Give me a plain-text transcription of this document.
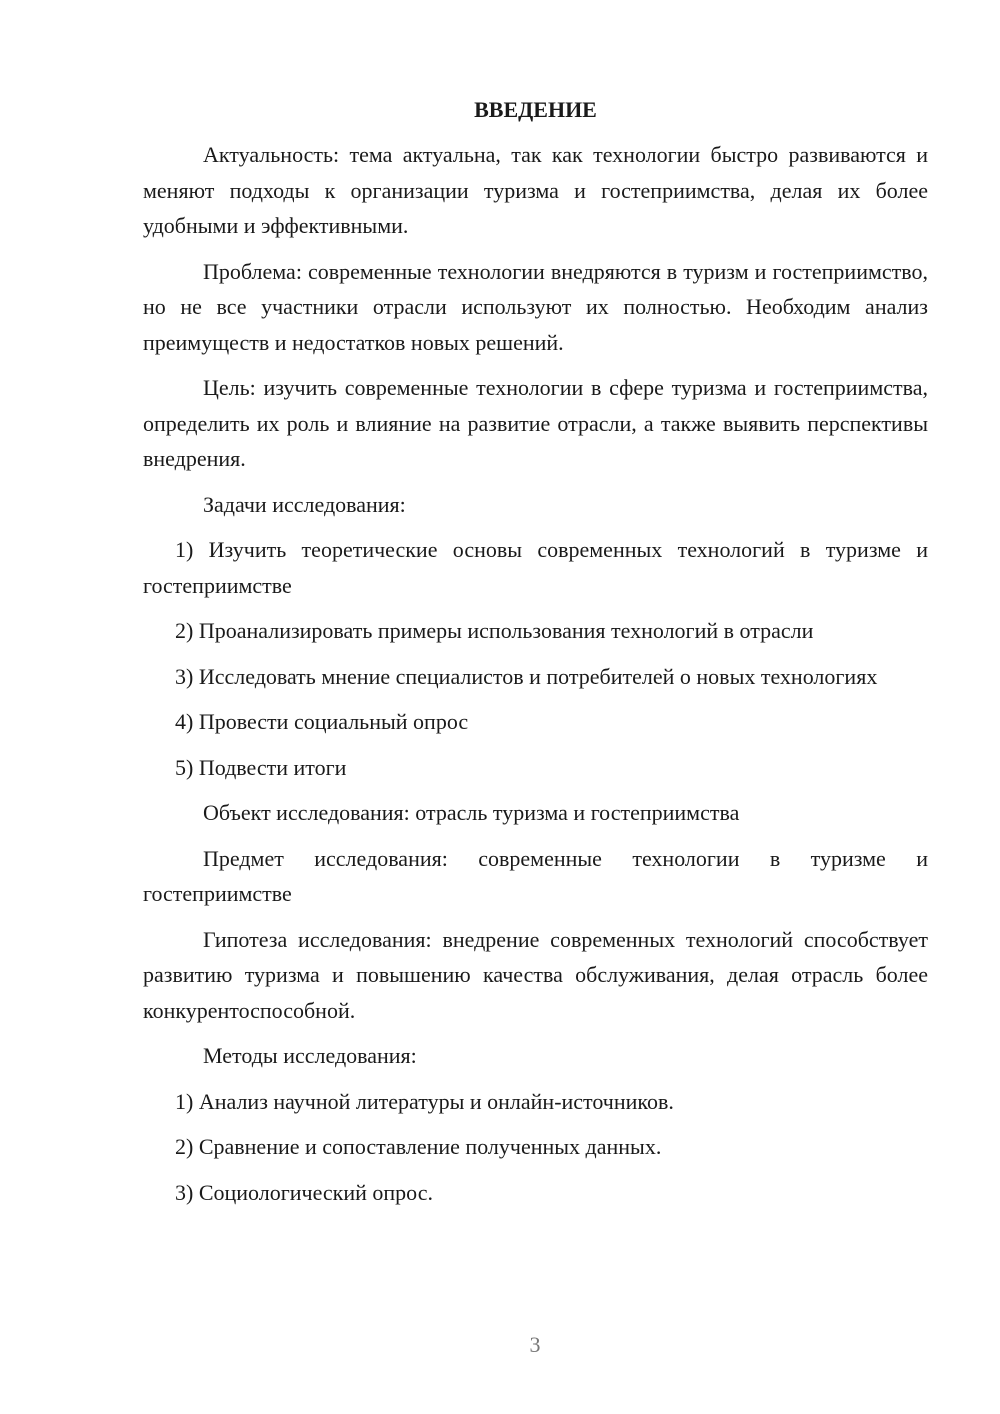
ВВЕДЕНИЕ
Актуальность: тема актуальна, так как технологии быстро развиваются и меняют подходы к организации туризма и гостеприимства, делая их более удобными и эффективными.
Проблема: современные технологии внедряются в туризм и гостеприимство, но не все участники отрасли используют их полностью. Необходим анализ преимуществ и недостатков новых решений.
Цель: изучить современные технологии в сфере туризма и гостеприимства, определить их роль и влияние на развитие отрасли, а также выявить перспективы внедрения.
Задачи исследования:
1) Изучить теоретические основы современных технологий в туризме и гостеприимстве
2) Проанализировать примеры использования технологий в отрасли
3) Исследовать мнение специалистов и потребителей о новых технологиях
4) Провести социальный опрос
5) Подвести итоги
Объект исследования: отрасль туризма и гостеприимства
Предмет исследования: современные технологии в туризме и гостеприимстве
Гипотеза исследования: внедрение современных технологий способствует развитию туризма и повышению качества обслуживания, делая отрасль более конкурентоспособной.
Методы исследования:
1) Анализ научной литературы и онлайн-источников.
2) Сравнение и сопоставление полученных данных.
3) Социологический опрос.
3
